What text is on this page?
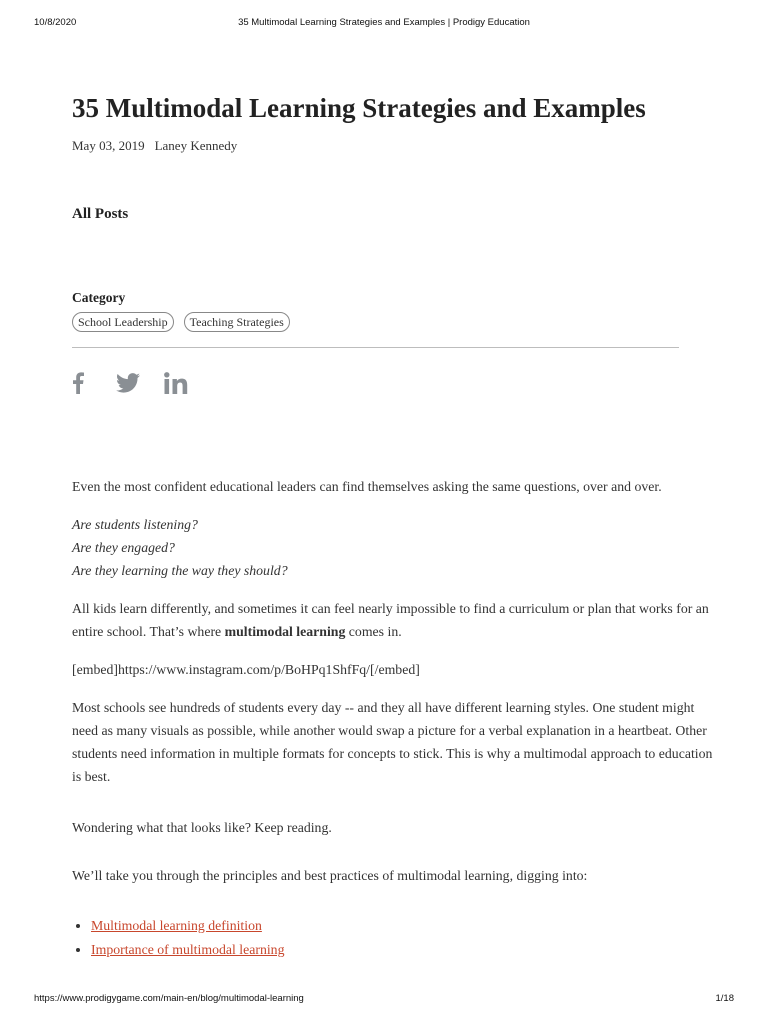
10/8/2020	35 Multimodal Learning Strategies and Examples | Prodigy Education
35 Multimodal Learning Strategies and Examples
May 03, 2019 Laney Kennedy
All Posts
Category
School Leadership	Teaching Strategies

Even the most confident educational leaders can find themselves asking the same questions, over and over.

Are students listening?

Are they engaged?

Are they learning the way they should?

All kids learn differently, and sometimes it can feel nearly impossible to find a curriculum or plan that works for an entire school. That’s where multimodal learning comes in.

[embed]https://www.instagram.com/p/BoHPq1ShfFq/[/embed]

Most schools see hundreds of students every day -- and they all have different learning styles. One student might need as many visuals as possible, while another would swap a picture for a verbal explanation in a heartbeat. Other students need information in multiple formats for concepts to stick. This is why a multimodal approach to education is best.

Wondering what that looks like? Keep reading.

We’ll take you through the principles and best practices of multimodal learning, digging into:

• Multimodal learning definition
• Importance of multimodal learning
https://www.prodigygame.com/main-en/blog/multimodal-learning	1/18
